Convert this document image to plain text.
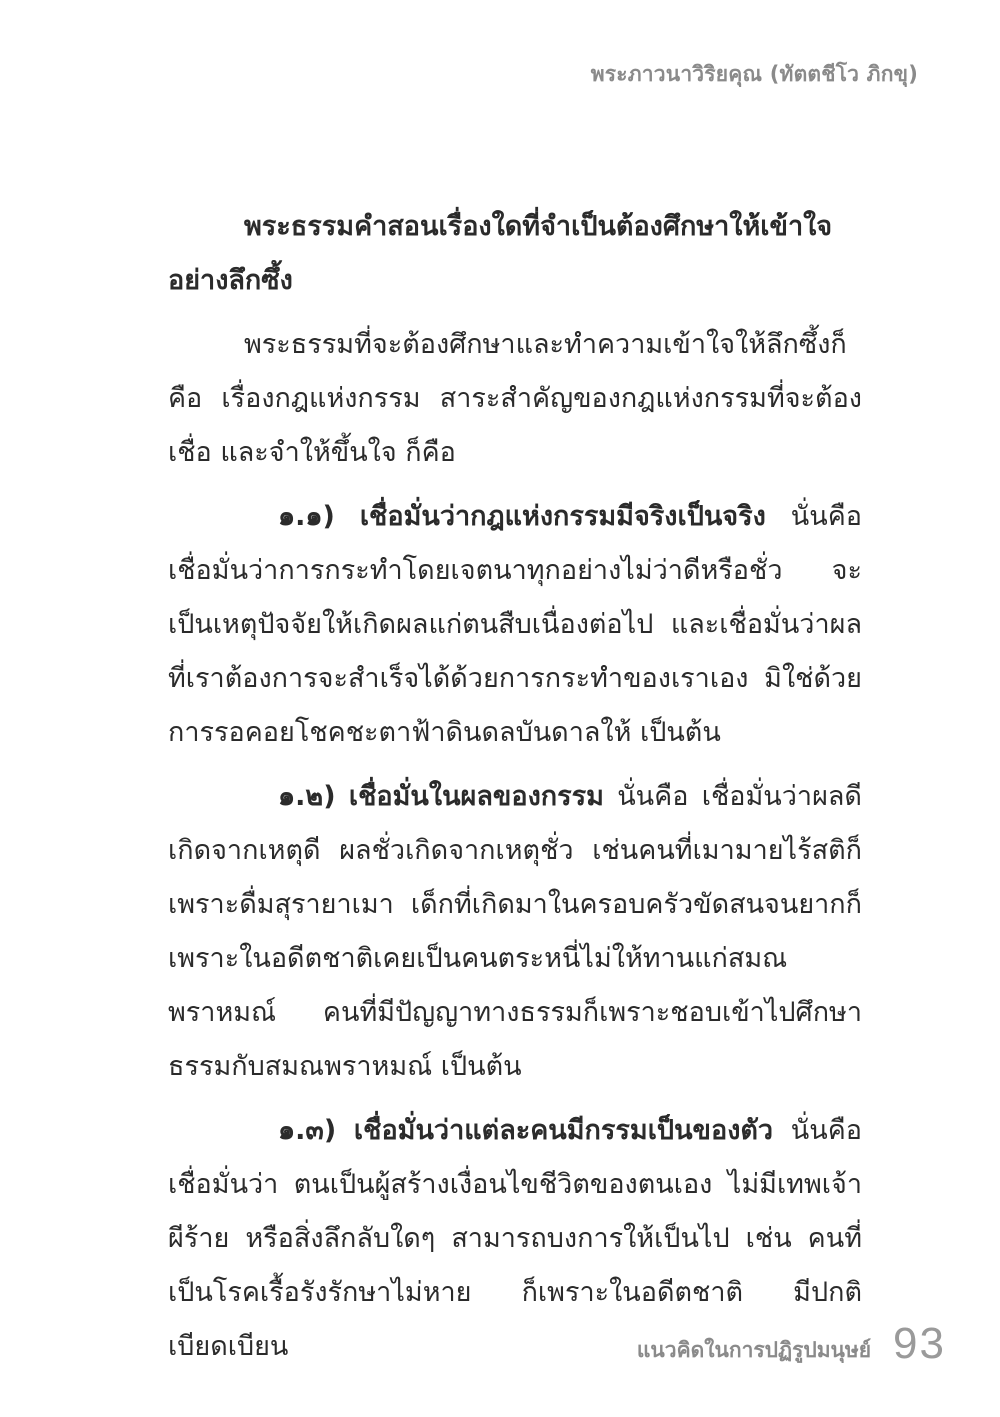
พระภาวนาวิริยคุณ (ทัตตชีโว ภิกขุ)

พระธรรมคำสอนเรื่องใดที่จำเป็นต้องศึกษาให้เข้าใจอย่างลึกซึ้ง

พระธรรมที่จะต้องศึกษาและทำความเข้าใจให้ลึกซึ้งก็คือ เรื่องกฎแห่งกรรม สาระสำคัญของกฎแห่งกรรมที่จะต้องเชื่อ และจำให้ขึ้นใจ ก็คือ

๑.๑) เชื่อมั่นว่ากฎแห่งกรรมมีจริงเป็นจริง นั่นคือ เชื่อมั่นว่าการกระทำโดยเจตนาทุกอย่างไม่ว่าดีหรือชั่ว จะเป็นเหตุปัจจัยให้เกิดผลแก่ตนสืบเนื่องต่อไป และเชื่อมั่นว่าผลที่เราต้องการจะสำเร็จได้ด้วยการกระทำของเราเอง มิใช่ด้วยการรอคอยโชคชะตาฟ้าดินดลบันดาลให้ เป็นต้น

๑.๒) เชื่อมั่นในผลของกรรม นั่นคือ เชื่อมั่นว่าผลดีเกิดจากเหตุดี ผลชั่วเกิดจากเหตุชั่ว เช่นคนที่เมามายไร้สติก็เพราะดื่มสุรายาเมา เด็กที่เกิดมาในครอบครัวขัดสนจนยากก็เพราะในอดีตชาติเคยเป็นคนตระหนี่ไม่ให้ทานแก่สมณพราหมณ์ คนที่มีปัญญาทางธรรมก็เพราะชอบเข้าไปศึกษาธรรมกับสมณพราหมณ์ เป็นต้น

๑.๓) เชื่อมั่นว่าแต่ละคนมีกรรมเป็นของตัว นั่นคือ เชื่อมั่นว่า ตนเป็นผู้สร้างเงื่อนไขชีวิตของตนเอง ไม่มีเทพเจ้าผีร้าย หรือสิ่งลึกลับใดๆ สามารถบงการให้เป็นไป เช่น คนที่เป็นโรคเรื้อรังรักษาไม่หาย ก็เพราะในอดีตชาติ มีปกติเบียดเบียน	แนวคิดในการปฏิรูปมนุษย์ 93
